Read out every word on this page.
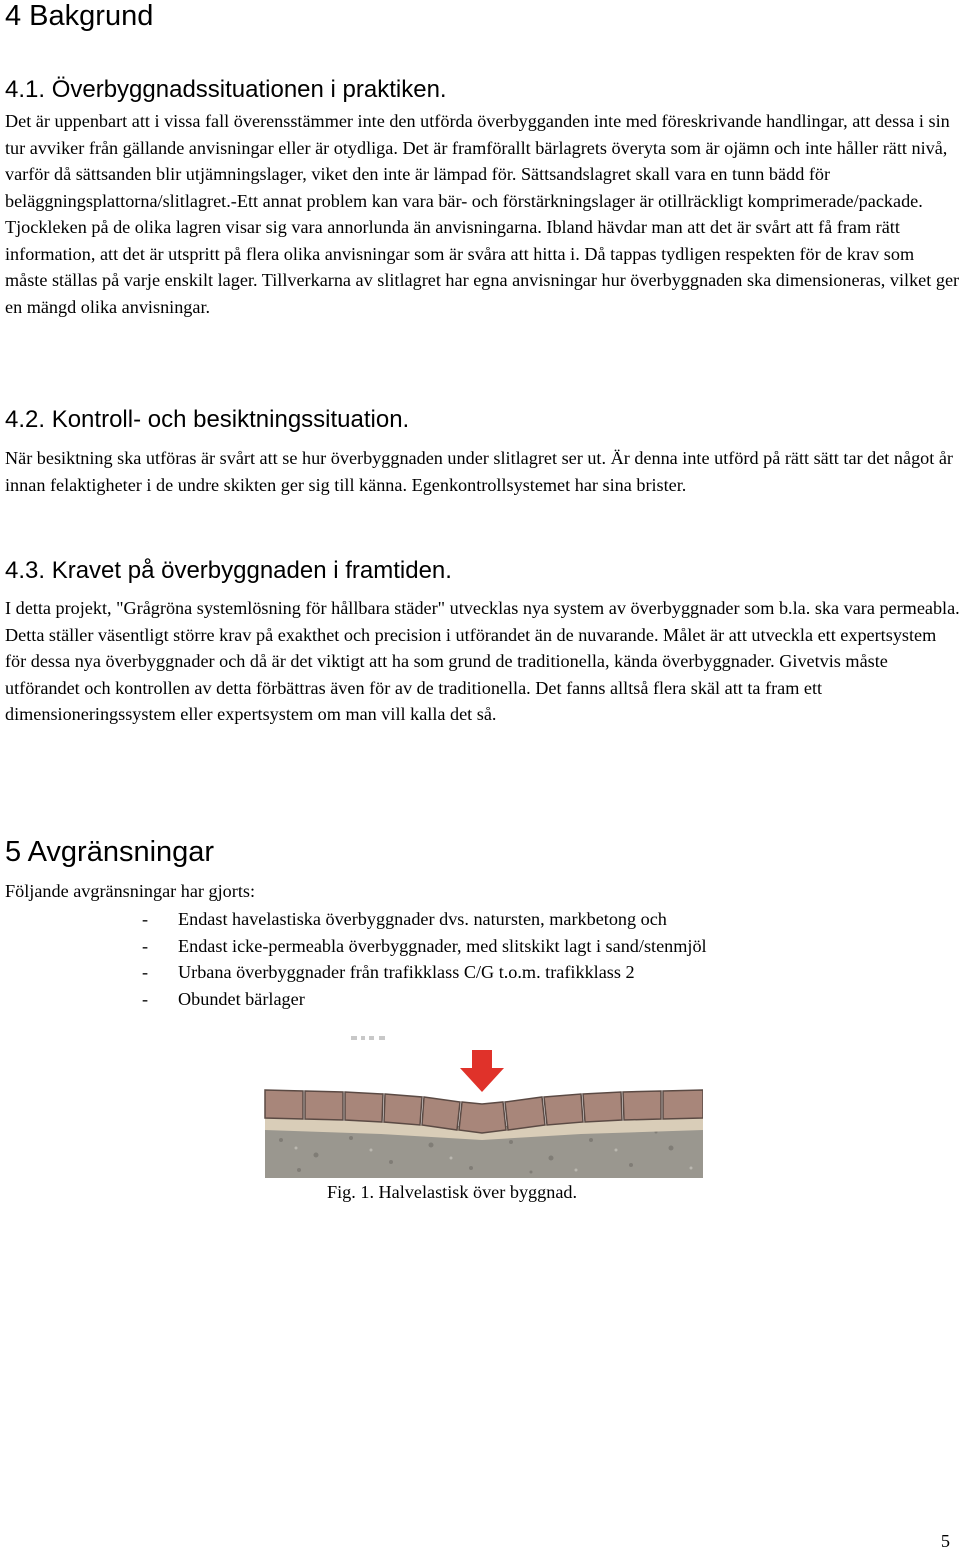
4 Bakgrund
4.1. Överbyggnadssituationen i praktiken.

Det är uppenbart att i vissa fall överensstämmer inte den utförda överbygganden inte med föreskrivande handlingar, att dessa i sin tur avviker från gällande anvisningar eller är otydliga. Det är framförallt bärlagrets överyta som är ojämn och inte håller rätt nivå, varför då sättsanden blir utjämningslager, viket den inte är lämpad för. Sättsandslagret skall vara en tunn bädd för beläggningsplattorna/slitlagret.-Ett annat problem kan vara bär- och förstärkningslager är otillräckligt komprimerade/packade. Tjockleken på de olika lagren visar sig vara annorlunda än anvisningarna. Ibland hävdar man att det är svårt att få fram rätt information, att det är utspritt på flera olika anvisningar som är svåra att hitta i. Då tappas tydligen respekten för de krav som måste ställas på varje enskilt lager. Tillverkarna av slitlagret har egna anvisningar hur överbyggnaden ska dimensioneras, vilket ger en mängd olika anvisningar.

4.2. Kontroll- och besiktningssituation.

När besiktning ska utföras är svårt att se hur överbyggnaden under slitlagret ser ut. Är denna inte utförd på rätt sätt tar det något år innan felaktigheter i de undre skikten ger sig till känna. Egenkontrollsystemet har sina brister.

4.3. Kravet på överbyggnaden i framtiden.

I detta projekt, "Grågröna systemlösning för hållbara städer" utvecklas nya system av överbyggnader som b.la. ska vara permeabla. Detta ställer väsentligt större krav på exakthet och precision i utförandet än de nuvarande. Målet är att utveckla ett expertsystem för dessa nya överbyggnader och då är det viktigt att ha som grund de traditionella, kända överbyggnader. Givetvis måste utförandet och kontrollen av detta förbättras även för av de traditionella. Det fanns alltså flera skäl att ta fram ett dimensioneringssystem eller expertsystem om man vill kalla det så.

5 Avgränsningar

Följande avgränsningar har gjorts:

- Endast havelastiska överbyggnader dvs. natursten, markbetong och
- Endast icke-permeabla överbyggnader, med slitskikt lagt i sand/stenmjöl
- Urbana överbyggnader från trafikklass C/G t.o.m. trafikklass 2
- Obundet bärlager
Fig. 1. Halvelastisk över byggnad.
5
